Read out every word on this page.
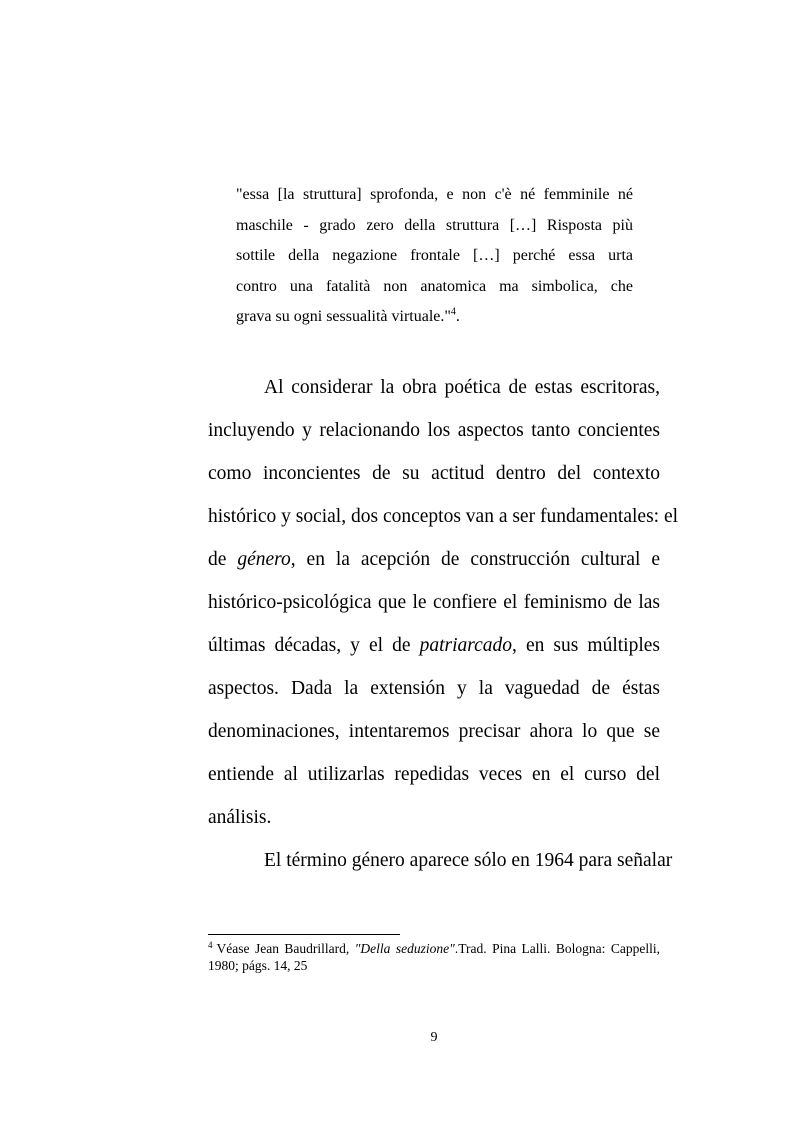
"essa [la struttura] sprofonda, e non c'è né femminile né
maschile - grado zero della struttura […] Risposta più
sottile della negazione frontale […] perché essa urta
contro una fatalità non anatomica ma simbolica, che
grava su ogni sessualità virtuale."$^4$.
Al considerar la obra poética de estas escritoras,
incluyendo y relacionando los aspectos tanto concientes
como inconcientes de su actitud dentro del contexto
histórico y social, dos conceptos van a ser fundamentales: el
de género, en la acepción de construcción cultural e
histórico-psicológica que le confiere el feminismo de las
últimas décadas, y el de patriarcado, en sus múltiples
aspectos. Dada la extensión y la vaguedad de éstas
denominaciones, intentaremos precisar ahora lo que se
entiende al utilizarlas repedidas veces en el curso del
análisis.
El término género aparece sólo en 1964 para señalar
$^4$ Véase Jean Baudrillard, "Della seduzione".Trad. Pina Lalli. Bologna: Cappelli,
1980; págs. 14, 25
9
